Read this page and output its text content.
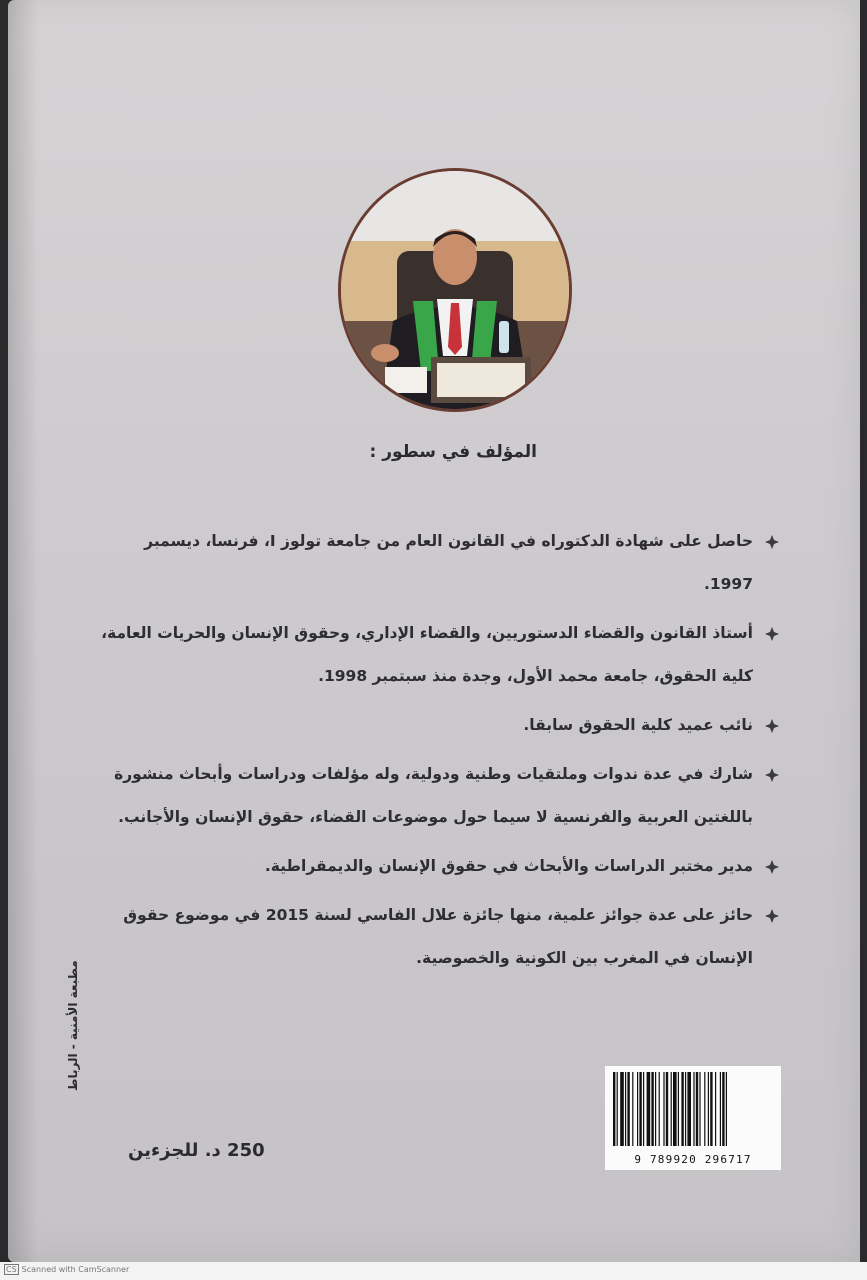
المؤلف في سطور :
حاصل على شهادة الدكتوراه في القانون العام من جامعة تولوز I، فرنسا، ديسمبر 1997.
أستاذ القانون والقضاء الدستوريين، والقضاء الإداري، وحقوق الإنسان والحريات العامة، كلية الحقوق، جامعة محمد الأول، وجدة منذ سبتمبر 1998.
نائب عميد كلية الحقوق سابقا.
شارك في عدة ندوات وملتقيات وطنية ودولية، وله مؤلفات ودراسات وأبحاث منشورة باللغتين العربية والفرنسية لا سيما حول موضوعات القضاء، حقوق الإنسان والأجانب.
مدير مختبر الدراسات والأبحاث في حقوق الإنسان والديمقراطية.
حائز على عدة جوائز علمية، منها جائزة علال الفاسي لسنة 2015 في موضوع حقوق الإنسان في المغرب بين الكونية والخصوصية.
مطبعة الأمنية - الرباط
9 789920 296717
250 د. للجزءين
CS Scanned with CamScanner
